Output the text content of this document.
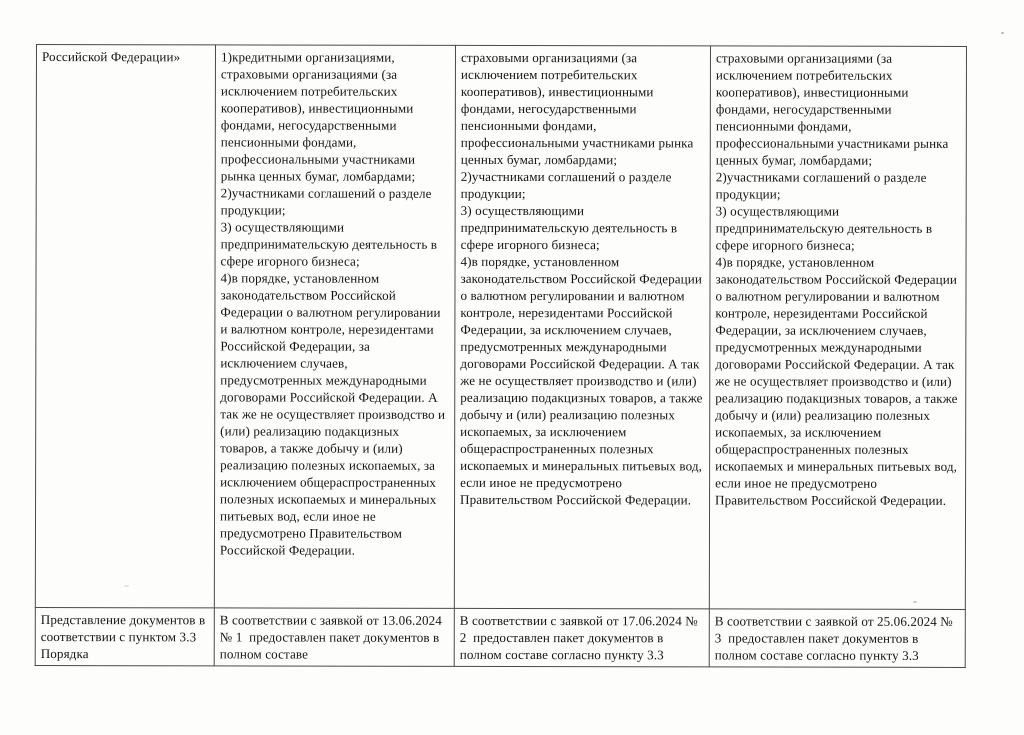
Российской Федерации»	1)кредитными организациями, страховыми организациями (за исключением потребительских кооперативов), инвестиционными фондами, негосударственными пенсионными фондами, профессиональными участниками рынка ценных бумаг, ломбардами;
2)участниками соглашений о разделе продукции;
3) осуществляющими предпринимательскую деятельность в сфере игорного бизнеса;
4)в порядке, установленном законодательством Российской Федерации о валютном регулировании и валютном контроле, нерезидентами Российской Федерации, за исключением случаев, предусмотренных международными договорами Российской Федерации. А так же не осуществляет производство и (или) реализацию подакцизных товаров, а также добычу и (или) реализацию полезных ископаемых, за исключением общераспространенных полезных ископаемых и минеральных питьевых вод, если иное не предусмотрено Правительством Российской Федерации.	страховыми организациями (за исключением потребительских кооперативов), инвестиционными фондами, негосударственными пенсионными фондами, профессиональными участниками рынка ценных бумаг, ломбардами;
2)участниками соглашений о разделе продукции;
3) осуществляющими предпринимательскую деятельность в сфере игорного бизнеса;
4)в порядке, установленном законодательством Российской Федерации о валютном регулировании и валютном контроле, нерезидентами Российской Федерации, за исключением случаев, предусмотренных международными договорами Российской Федерации. А так же не осуществляет производство и (или) реализацию подакцизных товаров, а также добычу и (или) реализацию полезных ископаемых, за исключением общераспространенных полезных ископаемых и минеральных питьевых вод, если иное не предусмотрено Правительством Российской Федерации.	страховыми организациями (за исключением потребительских кооперативов), инвестиционными фондами, негосударственными пенсионными фондами, профессиональными участниками рынка ценных бумаг, ломбардами;
2)участниками соглашений о разделе продукции;
3) осуществляющими предпринимательскую деятельность в сфере игорного бизнеса;
4)в порядке, установленном законодательством Российской Федерации о валютном регулировании и валютном контроле, нерезидентами Российской Федерации, за исключением случаев, предусмотренных международными договорами Российской Федерации. А так же не осуществляет производство и (или) реализацию подакцизных товаров, а также добычу и (или) реализацию полезных ископаемых, за исключением общераспространенных полезных ископаемых и минеральных питьевых вод, если иное не предусмотрено Правительством Российской Федерации.
Представление документов в соответствии с пунктом 3.3 Порядка	В соответствии с заявкой от 13.06.2024 № 1  предоставлен пакет документов в полном составе	В соответствии с заявкой от 17.06.2024 № 2  предоставлен пакет документов в полном составе согласно пункту 3.3	В соответствии с заявкой от 25.06.2024 № 3  предоставлен пакет документов в полном составе согласно пункту 3.3
